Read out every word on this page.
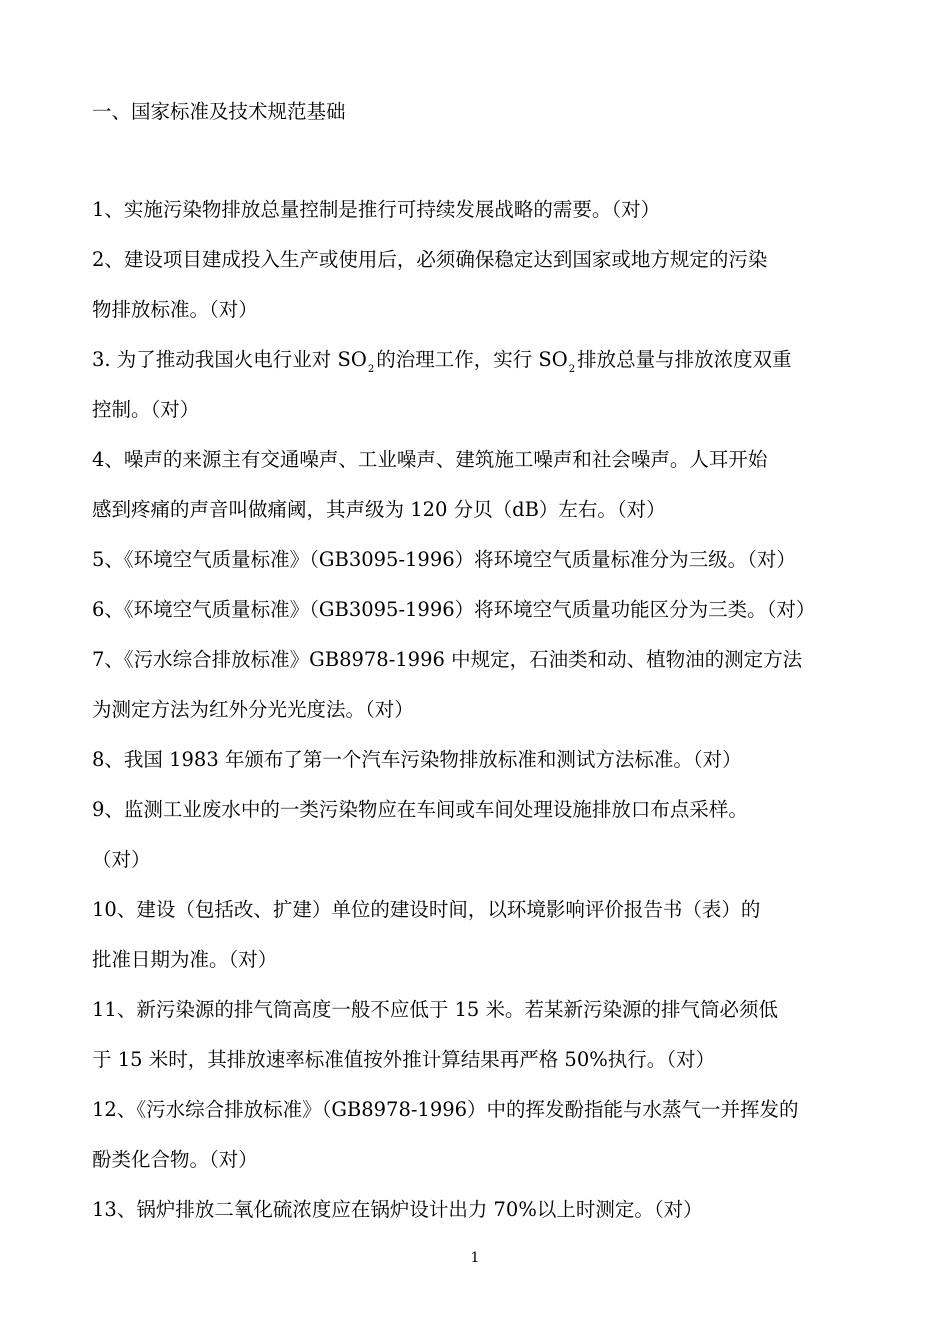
一、国家标准及技术规范基础
1、实施污染物排放总量控制是推行可持续发展战略的需要。（对）
2、建设项目建成投入生产或使用后，必须确保稳定达到国家或地方规定的污染
物排放标准。（对）
3. 为了推动我国火电行业对 $SO_2$ 的治理工作，实行 $SO_2$ 排放总量与排放浓度双重
控制。（对）
4、噪声的来源主有交通噪声、工业噪声、建筑施工噪声和社会噪声。人耳开始
感到疼痛的声音叫做痛阈，其声级为 120 分贝（dB）左右。（对）
5、《环境空气质量标准》（GB3095-1996）将环境空气质量标准分为三级。（对）
6、《环境空气质量标准》（GB3095-1996）将环境空气质量功能区分为三类。（对）
7、《污水综合排放标准》GB8978-1996 中规定，石油类和动、植物油的测定方法
为测定方法为红外分光光度法。（对）
8、我国 1983 年颁布了第一个汽车污染物排放标准和测试方法标准。（对）
9、监测工业废水中的一类污染物应在车间或车间处理设施排放口布点采样。
（对）
10、建设（包括改、扩建）单位的建设时间，以环境影响评价报告书（表）的
批准日期为准。（对）
11、新污染源的排气筒高度一般不应低于 15 米。若某新污染源的排气筒必须低
于 15 米时，其排放速率标准值按外推计算结果再严格 50%执行。（对）
12、《污水综合排放标准》（GB8978-1996）中的挥发酚指能与水蒸气一并挥发的
酚类化合物。（对）
13、锅炉排放二氧化硫浓度应在锅炉设计出力 70%以上时测定。（对）
1
